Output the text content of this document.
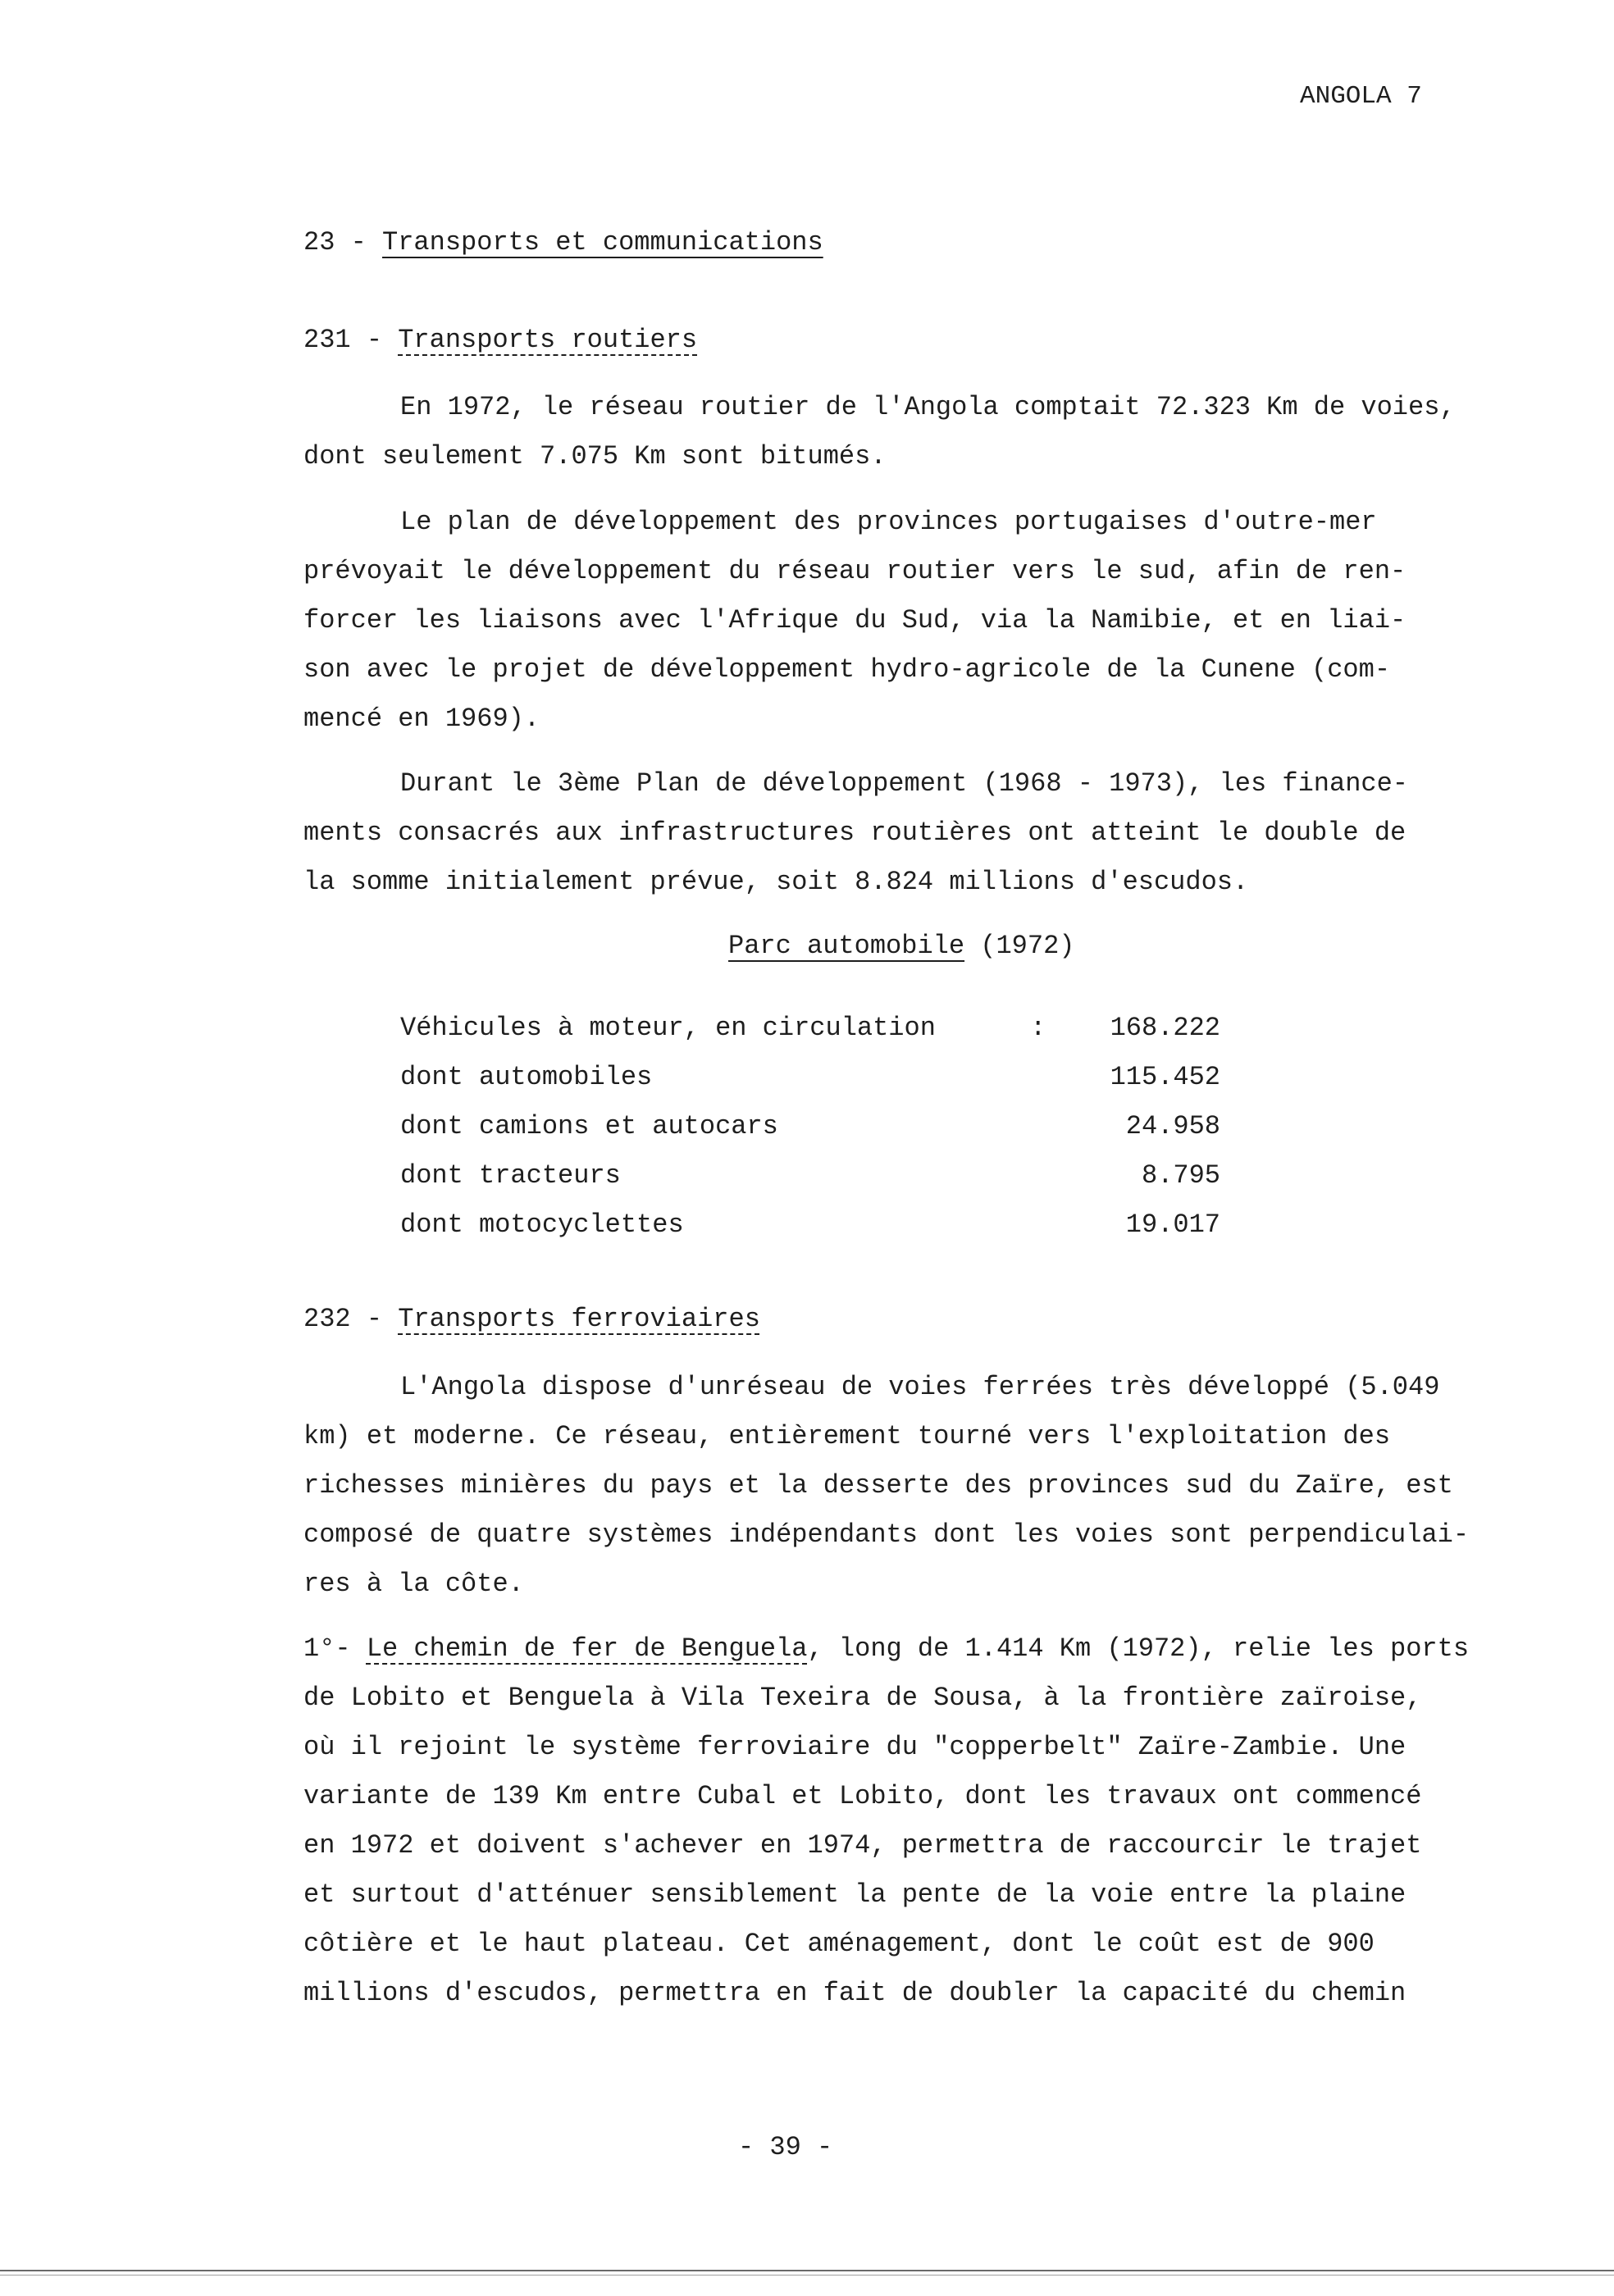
ANGOLA 7
23 - Transports et communications
231 - Transports routiers

En 1972, le réseau routier de l'Angola comptait 72.323 Km de voies,
dont seulement 7.075 Km sont bitumés.

Le plan de développement des provinces portugaises d'outre-mer
prévoyait le développement du réseau routier vers le sud, afin de ren-
forcer les liaisons avec l'Afrique du Sud, via la Namibie, et en liai-
son avec le projet de développement hydro-agricole de la Cunene (com-
mencé en 1969).

Durant le 3ème Plan de développement (1968 - 1973), les finance-
ments consacrés aux infrastructures routières ont atteint le double de
la somme initialement prévue, soit 8.824 millions d'escudos.

Parc automobile (1972)
Véhicules à moteur, en circulation :	168.222
dont automobiles	115.452
dont camions et autocars	24.958
dont tracteurs	8.795
dont motocyclettes	19.017
232 - Transports ferroviaires

L'Angola dispose d'unréseau de voies ferrées très développé (5.049
km) et moderne. Ce réseau, entièrement tourné vers l'exploitation des
richesses minières du pays et la desserte des provinces sud du Zaïre, est
composé de quatre systèmes indépendants dont les voies sont perpendiculai-
res à la côte.

1°- Le chemin de fer de Benguela, long de 1.414 Km (1972), relie les ports
de Lobito et Benguela à Vila Texeira de Sousa, à la frontière zaïroise,
où il rejoint le système ferroviaire du "copperbelt" Zaïre-Zambie. Une
variante de 139 Km entre Cubal et Lobito, dont les travaux ont commencé
en 1972 et doivent s'achever en 1974, permettra de raccourcir le trajet
et surtout d'atténuer sensiblement la pente de la voie entre la plaine
côtière et le haut plateau. Cet aménagement, dont le coût est de 900
millions d'escudos, permettra en fait de doubler la capacité du chemin

- 39 -
